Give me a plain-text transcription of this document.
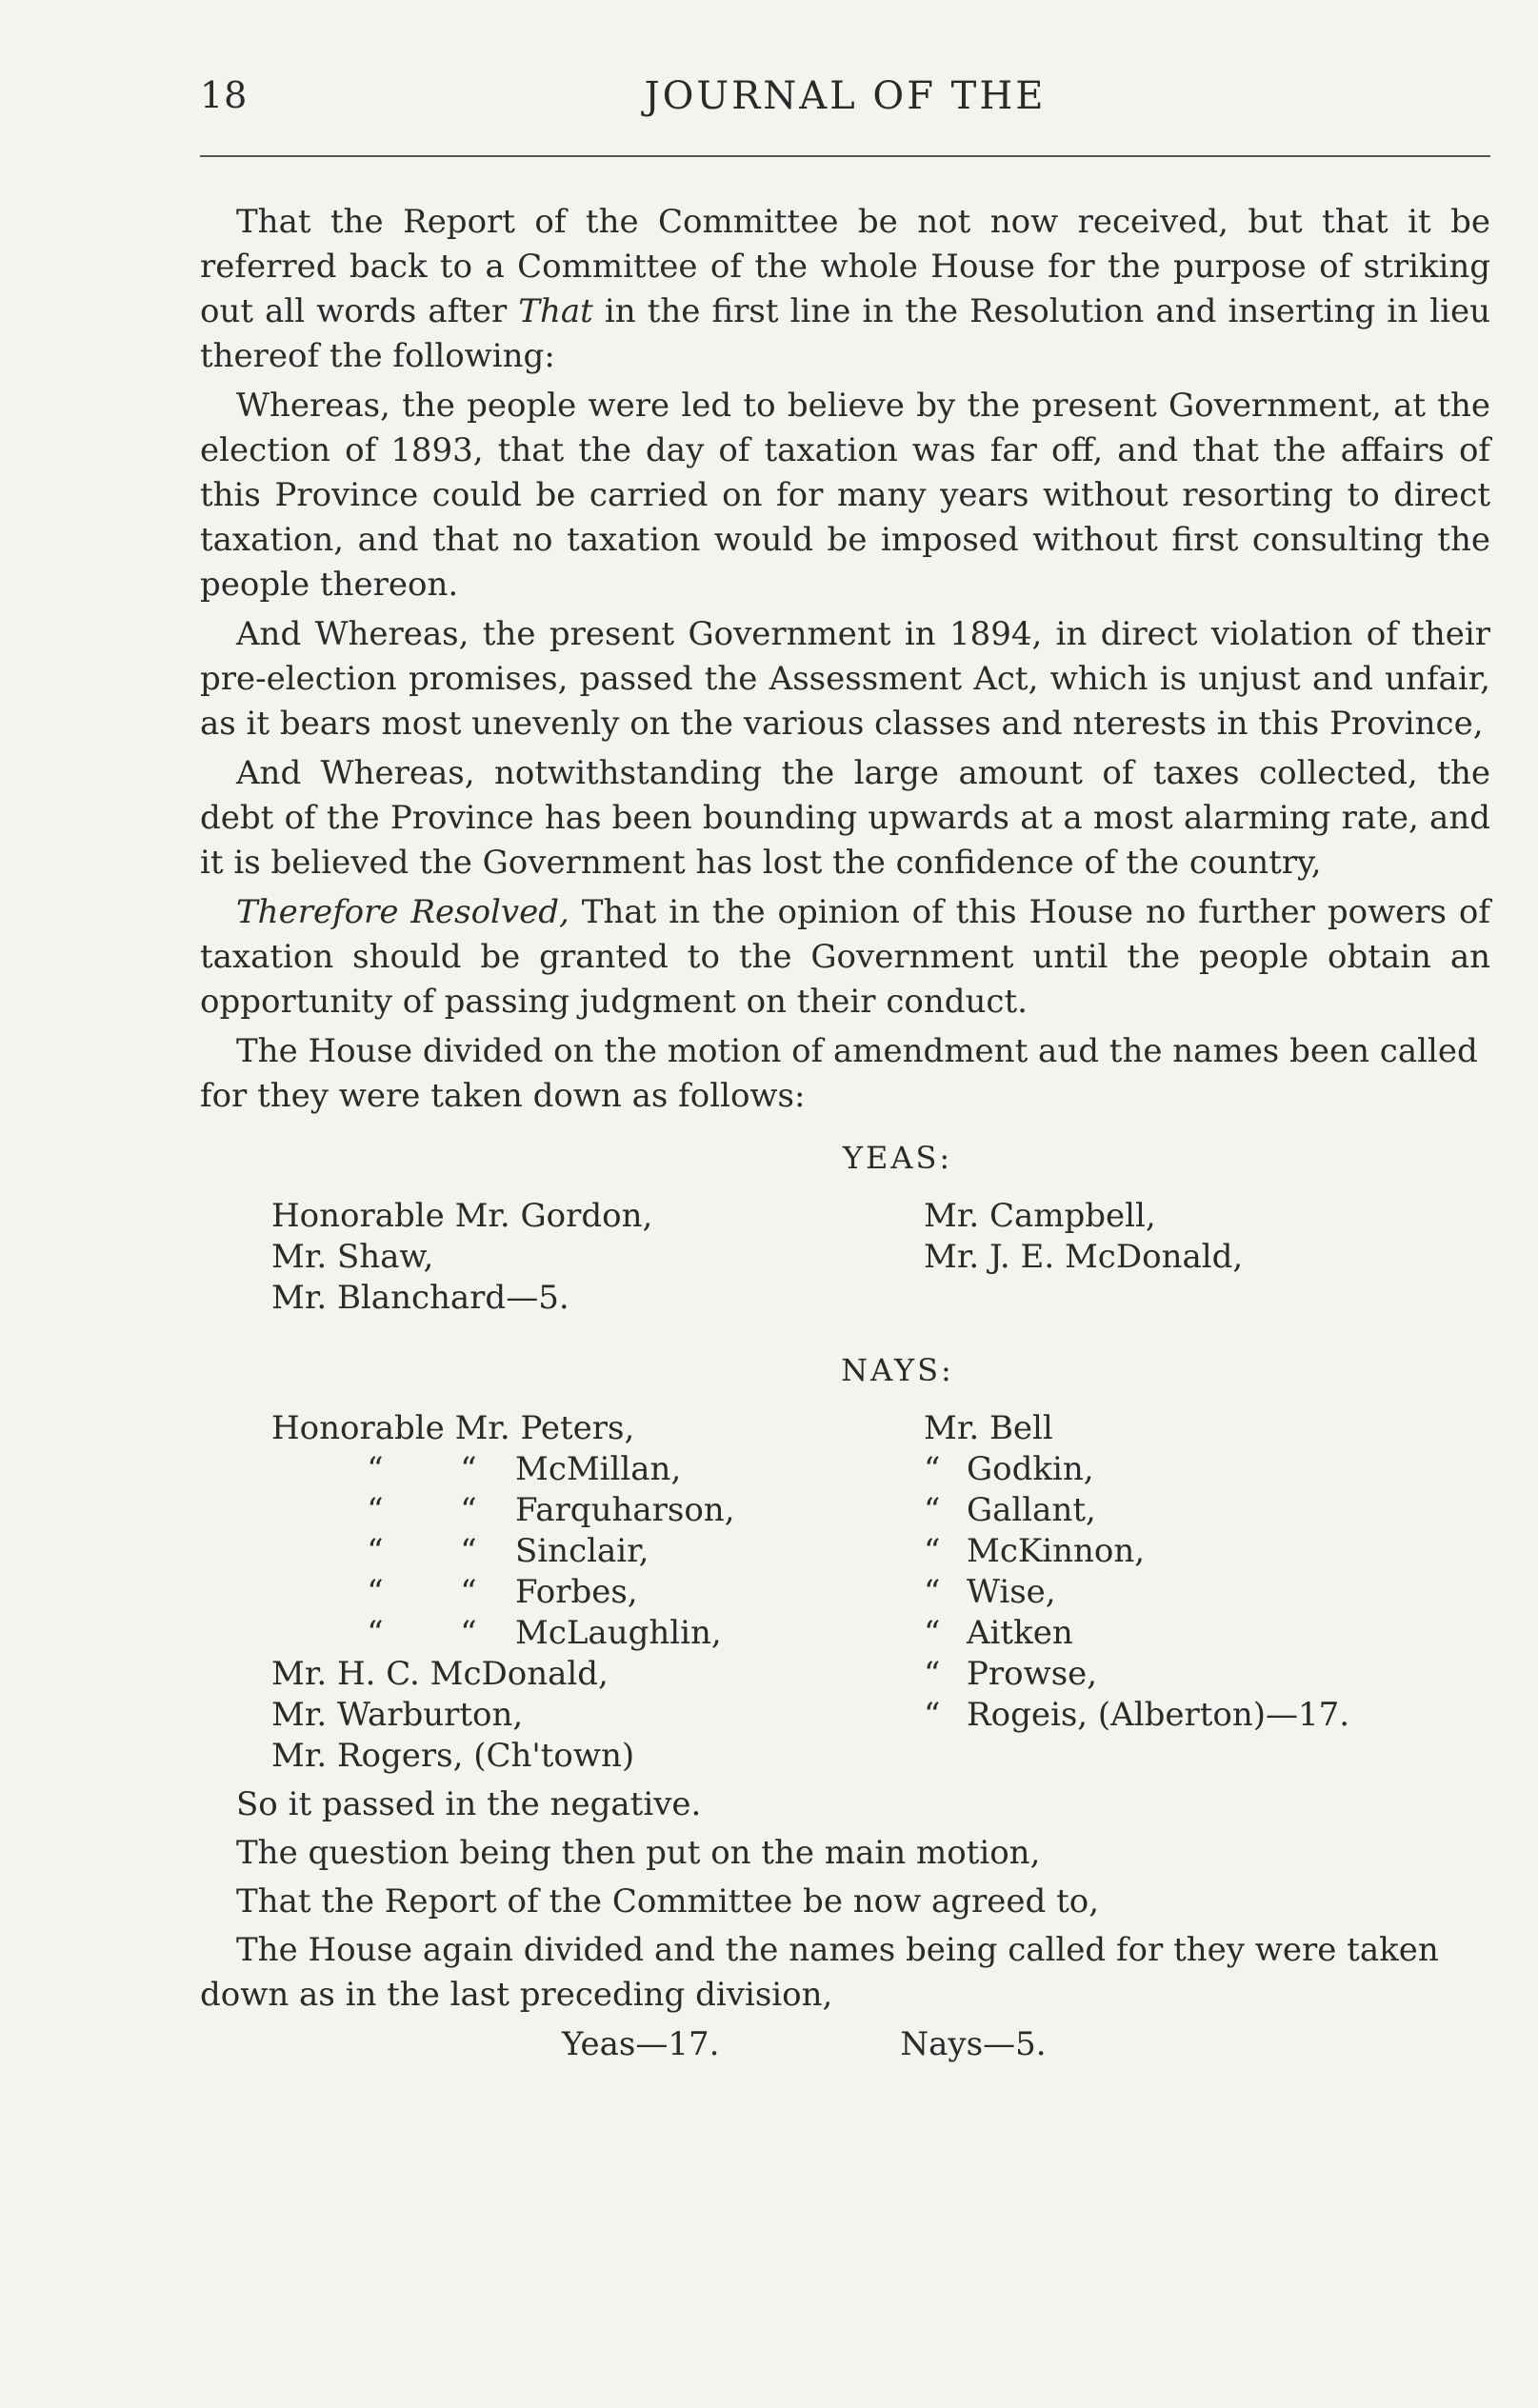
18	JOURNAL OF THE

That the Report of the Committee be not now received, but that it be referred back to a Committee of the whole House for the purpose of striking out all words after That in the first line in the Resolution and inserting in lieu thereof the following:

Whereas, the people were led to believe by the present Government, at the election of 1893, that the day of taxation was far off, and that the affairs of this Province could be carried on for many years without resorting to direct taxation, and that no taxation would be imposed without first consulting the people thereon.

And Whereas, the present Government in 1894, in direct violation of their pre-election promises, passed the Assessment Act, which is unjust and unfair, as it bears most unevenly on the various classes and nterests in this Province,

And Whereas, notwithstanding the large amount of taxes collected, the debt of the Province has been bounding upwards at a most alarming rate, and it is believed the Government has lost the confidence of the country,

Therefore Resolved, That in the opinion of this House no further powers of taxation should be granted to the Government until the people obtain an opportunity of passing judgment on their conduct.

The House divided on the motion of amendment aud the names been called for they were taken down as follows:

YEAS:
Honorable Mr. Gordon,
Mr. Shaw,
Mr. Blanchard—5.
Mr. Campbell,
Mr. J. E. McDonald,
NAYS:
Honorable Mr. Peters,
“ “ McMillan,
“ “ Farquharson,
“ “ Sinclair,
“ “ Forbes,
“ “ McLaughlin,
Mr. H. C. McDonald,
Mr. Warburton,
Mr. Rogers, (Ch'town)
Mr. Bell
“ Godkin,
“ Gallant,
“ McKinnon,
“ Wise,
“ Aitken
“ Prowse,
“ Rogeis, (Alberton)—17.

So it passed in the negative.

The question being then put on the main motion,

That the Report of the Committee be now agreed to,

The House again divided and the names being called for they were taken down as in the last preceding division,

Yeas—17.	Nays—5.
